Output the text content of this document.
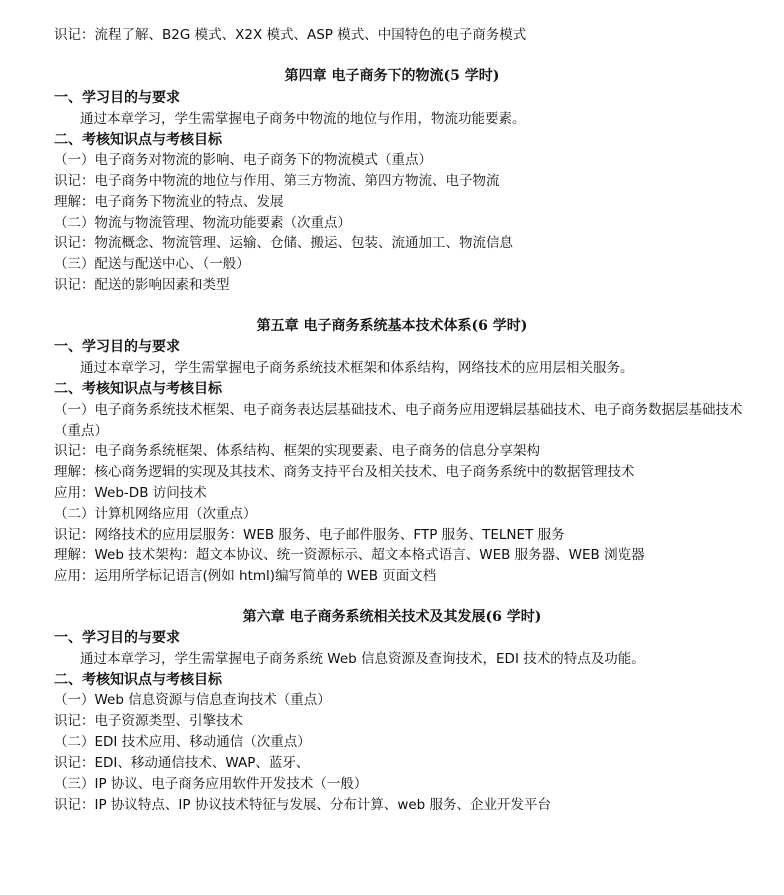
识记：流程了解、B2G 模式、X2X 模式、ASP 模式、中国特色的电子商务模式
第四章 电子商务下的物流(5 学时)
一、学习目的与要求
通过本章学习，学生需掌握电子商务中物流的地位与作用，物流功能要素。
二、考核知识点与考核目标
（一）电子商务对物流的影响、电子商务下的物流模式（重点）
识记：电子商务中物流的地位与作用、第三方物流、第四方物流、电子物流
理解：电子商务下物流业的特点、发展
（二）物流与物流管理、物流功能要素（次重点）
识记：物流概念、物流管理、运输、仓储、搬运、包装、流通加工、物流信息
（三）配送与配送中心、（一般）
识记：配送的影响因素和类型
第五章 电子商务系统基本技术体系(6 学时)
一、学习目的与要求
通过本章学习，学生需掌握电子商务系统技术框架和体系结构，网络技术的应用层相关服务。
二、考核知识点与考核目标
（一）电子商务系统技术框架、电子商务表达层基础技术、电子商务应用逻辑层基础技术、电子商务数据层基础技术（重点）
识记：电子商务系统框架、体系结构、框架的实现要素、电子商务的信息分享架构
理解：核心商务逻辑的实现及其技术、商务支持平台及相关技术、电子商务系统中的数据管理技术
应用：Web-DB 访问技术
（二）计算机网络应用（次重点）
识记：网络技术的应用层服务：WEB 服务、电子邮件服务、FTP 服务、TELNET 服务
理解：Web 技术架构：超文本协议、统一资源标示、超文本格式语言、WEB 服务器、WEB 浏览器
应用：运用所学标记语言(例如 html)编写简单的 WEB 页面文档
第六章 电子商务系统相关技术及其发展(6 学时)
一、学习目的与要求
通过本章学习，学生需掌握电子商务系统 Web 信息资源及查询技术，EDI 技术的特点及功能。
二、考核知识点与考核目标
（一）Web 信息资源与信息查询技术（重点）
识记：电子资源类型、引擎技术
（二）EDI 技术应用、移动通信（次重点）
识记：EDI、移动通信技术、WAP、蓝牙、
（三）IP 协议、电子商务应用软件开发技术（一般）
识记：IP 协议特点、IP 协议技术特征与发展、分布计算、web 服务、企业开发平台
